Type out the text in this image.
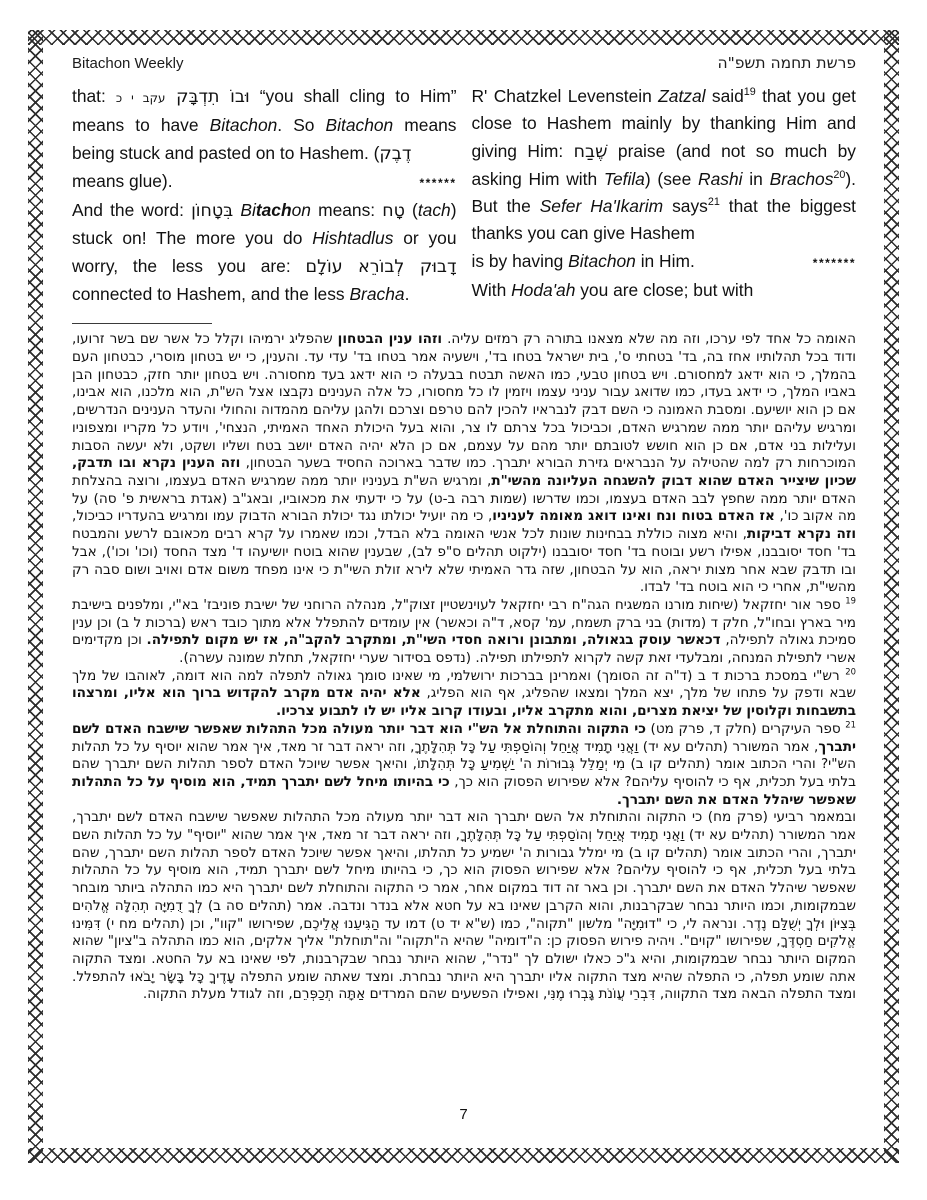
Bitachon Weekly	פרשת תחמה תשפ"ה

that:	וּבוֹ תִדְבָּק עקב י כ	“you shall cling to Him” means to have Bitachon. So Bitachon means being stuck and pasted on to Hashem. (דֶבֶק

means glue).	******

And the word: בִּטָחוֹן Bitachon means: טָח (tach) stuck on! The more you do Hishtadlus or you worry, the less you are: דָבוּק לְבוֹרֵא עוֹלָם connected to Hashem, and the less Bracha.

R' Chatzkel Levenstein Zatzal said$^{19}$ that you get close to Hashem mainly by thanking Him and giving Him: שֶׁבַח praise (and not so much by asking Him with Tefila) (see Rashi in Brachos$^{20}$). But the Sefer Ha'Ikarim says$^{21}$ that the biggest thanks you can give Hashem

is by having Bitachon in Him.	*******

With Hoda'ah you are close; but with

האומה כל אחד לפי ערכו, וזה מה שלא מצאנו בתורה רק רמזים עליה. וזהו ענין הבטחון שהפליג ירמיהו וקלל כל אשר שם בשר זרועו, ודוד בכל תהלותיו אחז בה, בד' בטחתי ס', בית ישראל בטחו בד', וישעיה אמר בטחו בד' עדי עד. והענין, כי יש בטחון מוסרי, כבטחון העם בהמלך, כי הוא ידאג למחסורם. ויש בטחון טבעי, כמו האשה תבטח בבעלה כי הוא ידאג בעד מחסורה. ויש בטחון יותר חזק, כבטחון הבן באביו המלך, כי ידאג בעדו, כמו שדואג עבור עניני עצמו ויזמין לו כל מחסורו, כל אלה הענינים נקבצו אצל הש"ת, הוא מלכנו, הוא אבינו, אם כן הוא יושיעם. ומסבת האמונה כי השם דבק לנבראיו להכין להם טרפם וצרכם ולהגן עליהם מהמדוה והחולי והעדר הענינים הנדרשים, ומרגיש עליהם יותר ממה שמרגיש האדם, וכביכול בכל צרתם לו צר, והוא בעל היכולת האחד האמיתי, הנצחי', ויודע כל מקריו ומצפוניו ועלילות בני אדם, אם כן הוא חושש לטובתם יותר מהם על עצמם, אם כן הלא יהיה האדם יושב בטח ושליו ושקט, ולא יעשה הסבות המוכרחות רק למה שהטילה על הנבראים גזירת הבורא יתברך. כמו שדבר בארוכה החסיד בשער הבטחון, וזה הענין נקרא ובו תדבק, שכיון שיצייר האדם שהוא דבוק להשגחה העליונה מהשי"ת, ומרגיש הש"ת בעניניו יותר ממה שמרגיש האדם בעצמו, ורוצה בהצלחת האדם יותר ממה שחפץ לבב האדם בעצמו, וכמו שדרשו (שמות רבה ב-ט) על כי ידעתי את מכאוביו, ובאג"ב (אגדת בראשית פ' סה) על מה אקוב כו', אז האדם בטוח ונח ואינו דואג מאומה לעניניו, כי מה יועיל יכולתו נגד יכולת הבורא הדבוק עמו ומרגיש בהעדריו כביכול, וזה נקרא דביקות, והיא מצוה כוללת בבחינות שונות לכל אנשי האומה בלא הבדל, וכמו שאמרו על קרא רבים מכאובם לרשע והמבטח בד' חסד יסובבנו, אפילו רשע ובוטח בד' חסד יסובבנו (ילקוט תהלים ס"פ לב), שבענין שהוא בוטח יושיעהו ד' מצד החסד (וכו' וכו'), אבל ובו תדבק שבא אחר מצות יראה, הוא על הבטחון, שזה גדר האמיתי שלא לירא זולת השי"ת כי אינו מפחד משום אדם ואויב ושום סבה רק מהשי"ת, אחרי כי הוא בוטח בד' לבדו.

$^{19}$ ספר אור יחזקאל (שיחות מורנו המשגיח הגה"ח רבי יחזקאל לעוינשטיין זצוק"ל, מנהלה הרוחני של ישיבת פוניבז' בא"י, ומלפנים בישיבת מיר בארץ ובחו"ל, חלק ד (מדות) בני ברק תשמח, עמ' קסא, ד"ה וכאשר) אין עומדים להתפלל אלא מתוך כובד ראש (ברכות ל ב) וכן ענין סמיכת גאולה לתפילה, דכאשר עוסק בגאולה, ומתבונן ורואה חסדי השי"ת, ומתקרב להקב"ה, אז יש מקום לתפילה. וכן מקדימים אשרי לתפילת המנחה, ומבלעדי זאת קשה לקרוא לתפילתו תפילה. (נדפס בסידור שערי יחזקאל, תחלת שמונה עשרה).

$^{20}$ רש"י במסכת ברכות ד ב (ד"ה זה הסומך) ואמרינן בברכות ירושלמי, מי שאינו סומך גאולה לתפלה למה הוא דומה, לאוהבו של מלך שבא ודפק על פתחו של מלך, יצא המלך ומצאו שהפליג, אף הוא הפליג, אלא יהיה אדם מקרב להקדוש ברוך הוא אליו, ומרצהו בתשבחות וקלוסין של יציאת מצרים, והוא מתקרב אליו, ובעודו קרוב אליו יש לו לתבוע צרכיו.

$^{21}$ ספר העיקרים (חלק ד, פרק מט) כי התקוה והתוחלת אל הש"י הוא דבר יותר מעולה מכל התהלות שאפשר שישבח האדם לשם יתברך, אמר המשורר (תהלים עא יד) וַאֲנִי תָמִיד אֲיַחֵל וְהוֹסַפְתִּי עַל כָּל תְּהִלָּתֶךָ, וזה יראה דבר זר מאד, איך אמר שהוא יוסיף על כל תהלות הש"י? והרי הכתוב אומר (תהלים קו ב) מִי יְמַלֵּל גְּבוּרוֹת ה' יַשְׁמִיעַ כָּל תְּהִלָּתוֹ, והיאך אפשר שיוכל האדם לספר תהלות השם יתברך שהם בלתי בעל תכלית, אף כי להוסיף עליהם? אלא שפירוש הפסוק הוא כך, כי בהיותו מיחל לשם יתברך תמיד, הוא מוסיף על כל התהלות שאפשר שיהלל האדם את השם יתברך.

ובמאמר רביעי (פרק מח) כי התקוה והתוחלת אל השם יתברך הוא דבר יותר מעולה מכל התהלות שאפשר שישבח האדם לשם יתברך, אמר המשורר (תהלים עא יד) וַאֲנִי תָמִיד אֲיַחֵל וְהוֹסַפְתִּי עַל כָּל תְּהִלָּתֶךָ, וזה יראה דבר זר מאד, איך אמר שהוא "יוסיף" על כל תהלות השם יתברך, והרי הכתוב אומר (תהלים קו ב) מי ימלל גבורות ה' ישמיע כל תהלתו, והיאך אפשר שיוכל האדם לספר תהלות השם יתברך, שהם בלתי בעל תכלית, אף כי להוסיף עליהם? אלא שפירוש הפסוק הוא כך, כי בהיותו מיחל לשם יתברך תמיד, הוא מוסיף על כל התהלות שאפשר שיהלל האדם את השם יתברך. וכן באר זה דוד במקום אחר, אמר כי התקוה והתוחלת לשם יתברך היא כמו התהלה ביותר מובחר שבמקומות, וכמו היותר נבחר שבקרבנות, והוא הקרבן שאינו בא על חטא אלא בנדר ונדבה. אמר (תהלים סה ב) לְךָ דֻמִיָּה תְהִלָּה אֱלֹהִים בְּצִיּוֹן וּלְךָ יְשֻׁלַּם נֶדֶר. ונראה לי, כי "דוּמִיָּה" מלשון "תקוה", כמו (ש"א יד ט) דמו עד הַגִּיעֵנוּ אֲלֵיכֶם, שפירושו "קוו", וכן (תהלים מח י) דִּמִּינוּ אֱלֹקִים חַסְדֶּךָ, שפירושו "קוים". ויהיה פירוש הפסוק כן: ה"דומיה" שהיא ה"תקוה" וה"תוחלת" אליך אלקים, הוא כמו התהלה ב"ציון" שהוא המקום היותר נבחר שבמקומות, והיא ג"כ כאלו ישולם לך "נדר", שהוא היותר נבחר שבקרבנות, לפי שאינו בא על החטא. ומצד התקוה אתה שומע תפלה, כי התפלה שהיא מצד התקוה אליו יתברך היא היותר נבחרת. ומצד שאתה שומע התפלה עָדֶיךָ כָּל בָּשָׂר יָבֹאוּ להתפלל. ומצד התפלה הבאה מצד התקווה, דִּבְרֵי עֲוֹנֹת גָּבְרוּ מֶנִּי, ואפילו הפשעים שהם המרדים אַתָּה תְכַפְּרֵם, וזה לגודל מעלת התקוה.

7
